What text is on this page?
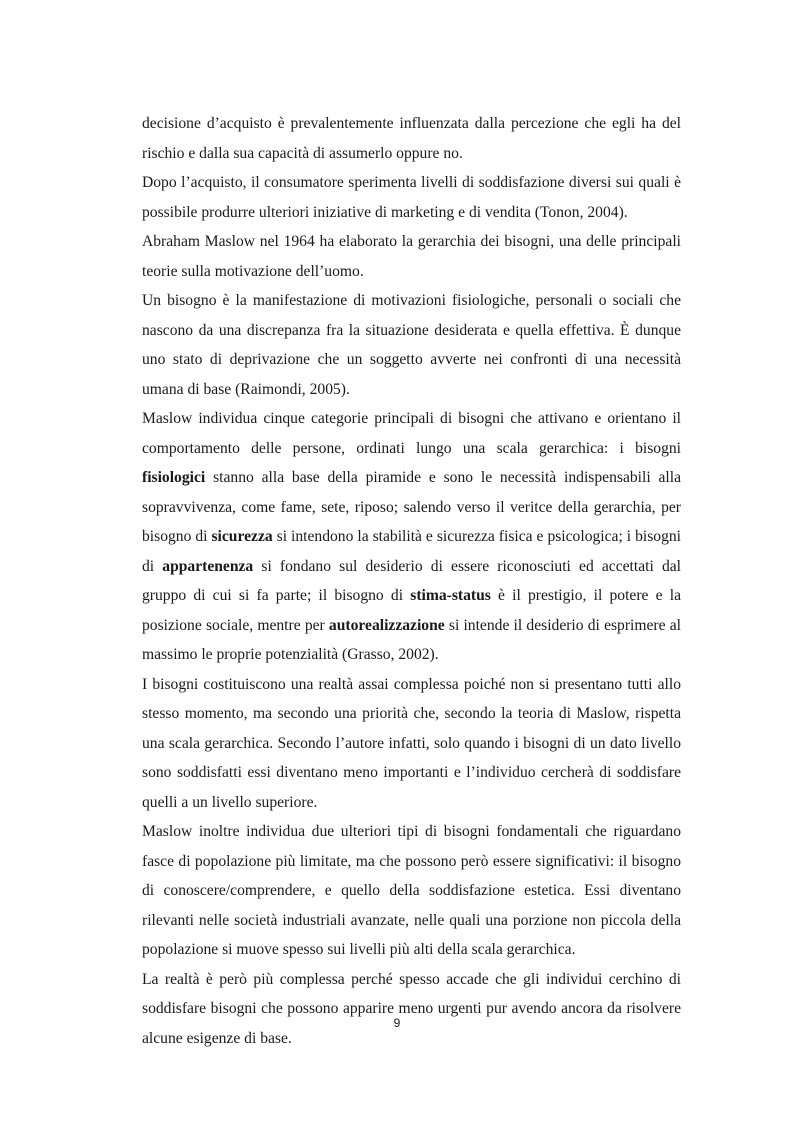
decisione d’acquisto è prevalentemente influenzata dalla percezione che egli ha del rischio e dalla sua capacità di assumerlo oppure no.

Dopo l’acquisto, il consumatore sperimenta livelli di soddisfazione diversi sui quali è possibile produrre ulteriori iniziative di marketing e di vendita (Tonon, 2004).

Abraham Maslow nel 1964 ha elaborato la gerarchia dei bisogni, una delle principali teorie sulla motivazione dell’uomo.

Un bisogno è la manifestazione di motivazioni fisiologiche, personali o sociali che nascono da una discrepanza fra la situazione desiderata e quella effettiva. È dunque uno stato di deprivazione che un soggetto avverte nei confronti di una necessità umana di base (Raimondi, 2005).

Maslow individua cinque categorie principali di bisogni che attivano e orientano il comportamento delle persone, ordinati lungo una scala gerarchica: i bisogni fisiologici stanno alla base della piramide e sono le necessità indispensabili alla sopravvivenza, come fame, sete, riposo; salendo verso il veritce della gerarchia, per bisogno di sicurezza si intendono la stabilità e sicurezza fisica e psicologica; i bisogni di appartenenza si fondano sul desiderio di essere riconosciuti ed accettati dal gruppo di cui si fa parte; il bisogno di stima-status è il prestigio, il potere e la posizione sociale, mentre per autorealizzazione si intende il desiderio di esprimere al massimo le proprie potenzialità (Grasso, 2002).

I bisogni costituiscono una realtà assai complessa poiché non si presentano tutti allo stesso momento, ma secondo una priorità che, secondo la teoria di Maslow, rispetta una scala gerarchica. Secondo l’autore infatti, solo quando i bisogni di un dato livello sono soddisfatti essi diventano meno importanti e l’individuo cercherà di soddisfare quelli a un livello superiore.

Maslow inoltre individua due ulteriori tipi di bisogni fondamentali che riguardano fasce di popolazione più limitate, ma che possono però essere significativi: il bisogno di conoscere/comprendere, e quello della soddisfazione estetica. Essi diventano rilevanti nelle società industriali avanzate, nelle quali una porzione non piccola della popolazione si muove spesso sui livelli più alti della scala gerarchica.

La realtà è però più complessa perché spesso accade che gli individui cerchino di soddisfare bisogni che possono apparire meno urgenti pur avendo ancora da risolvere alcune esigenze di base.

9
